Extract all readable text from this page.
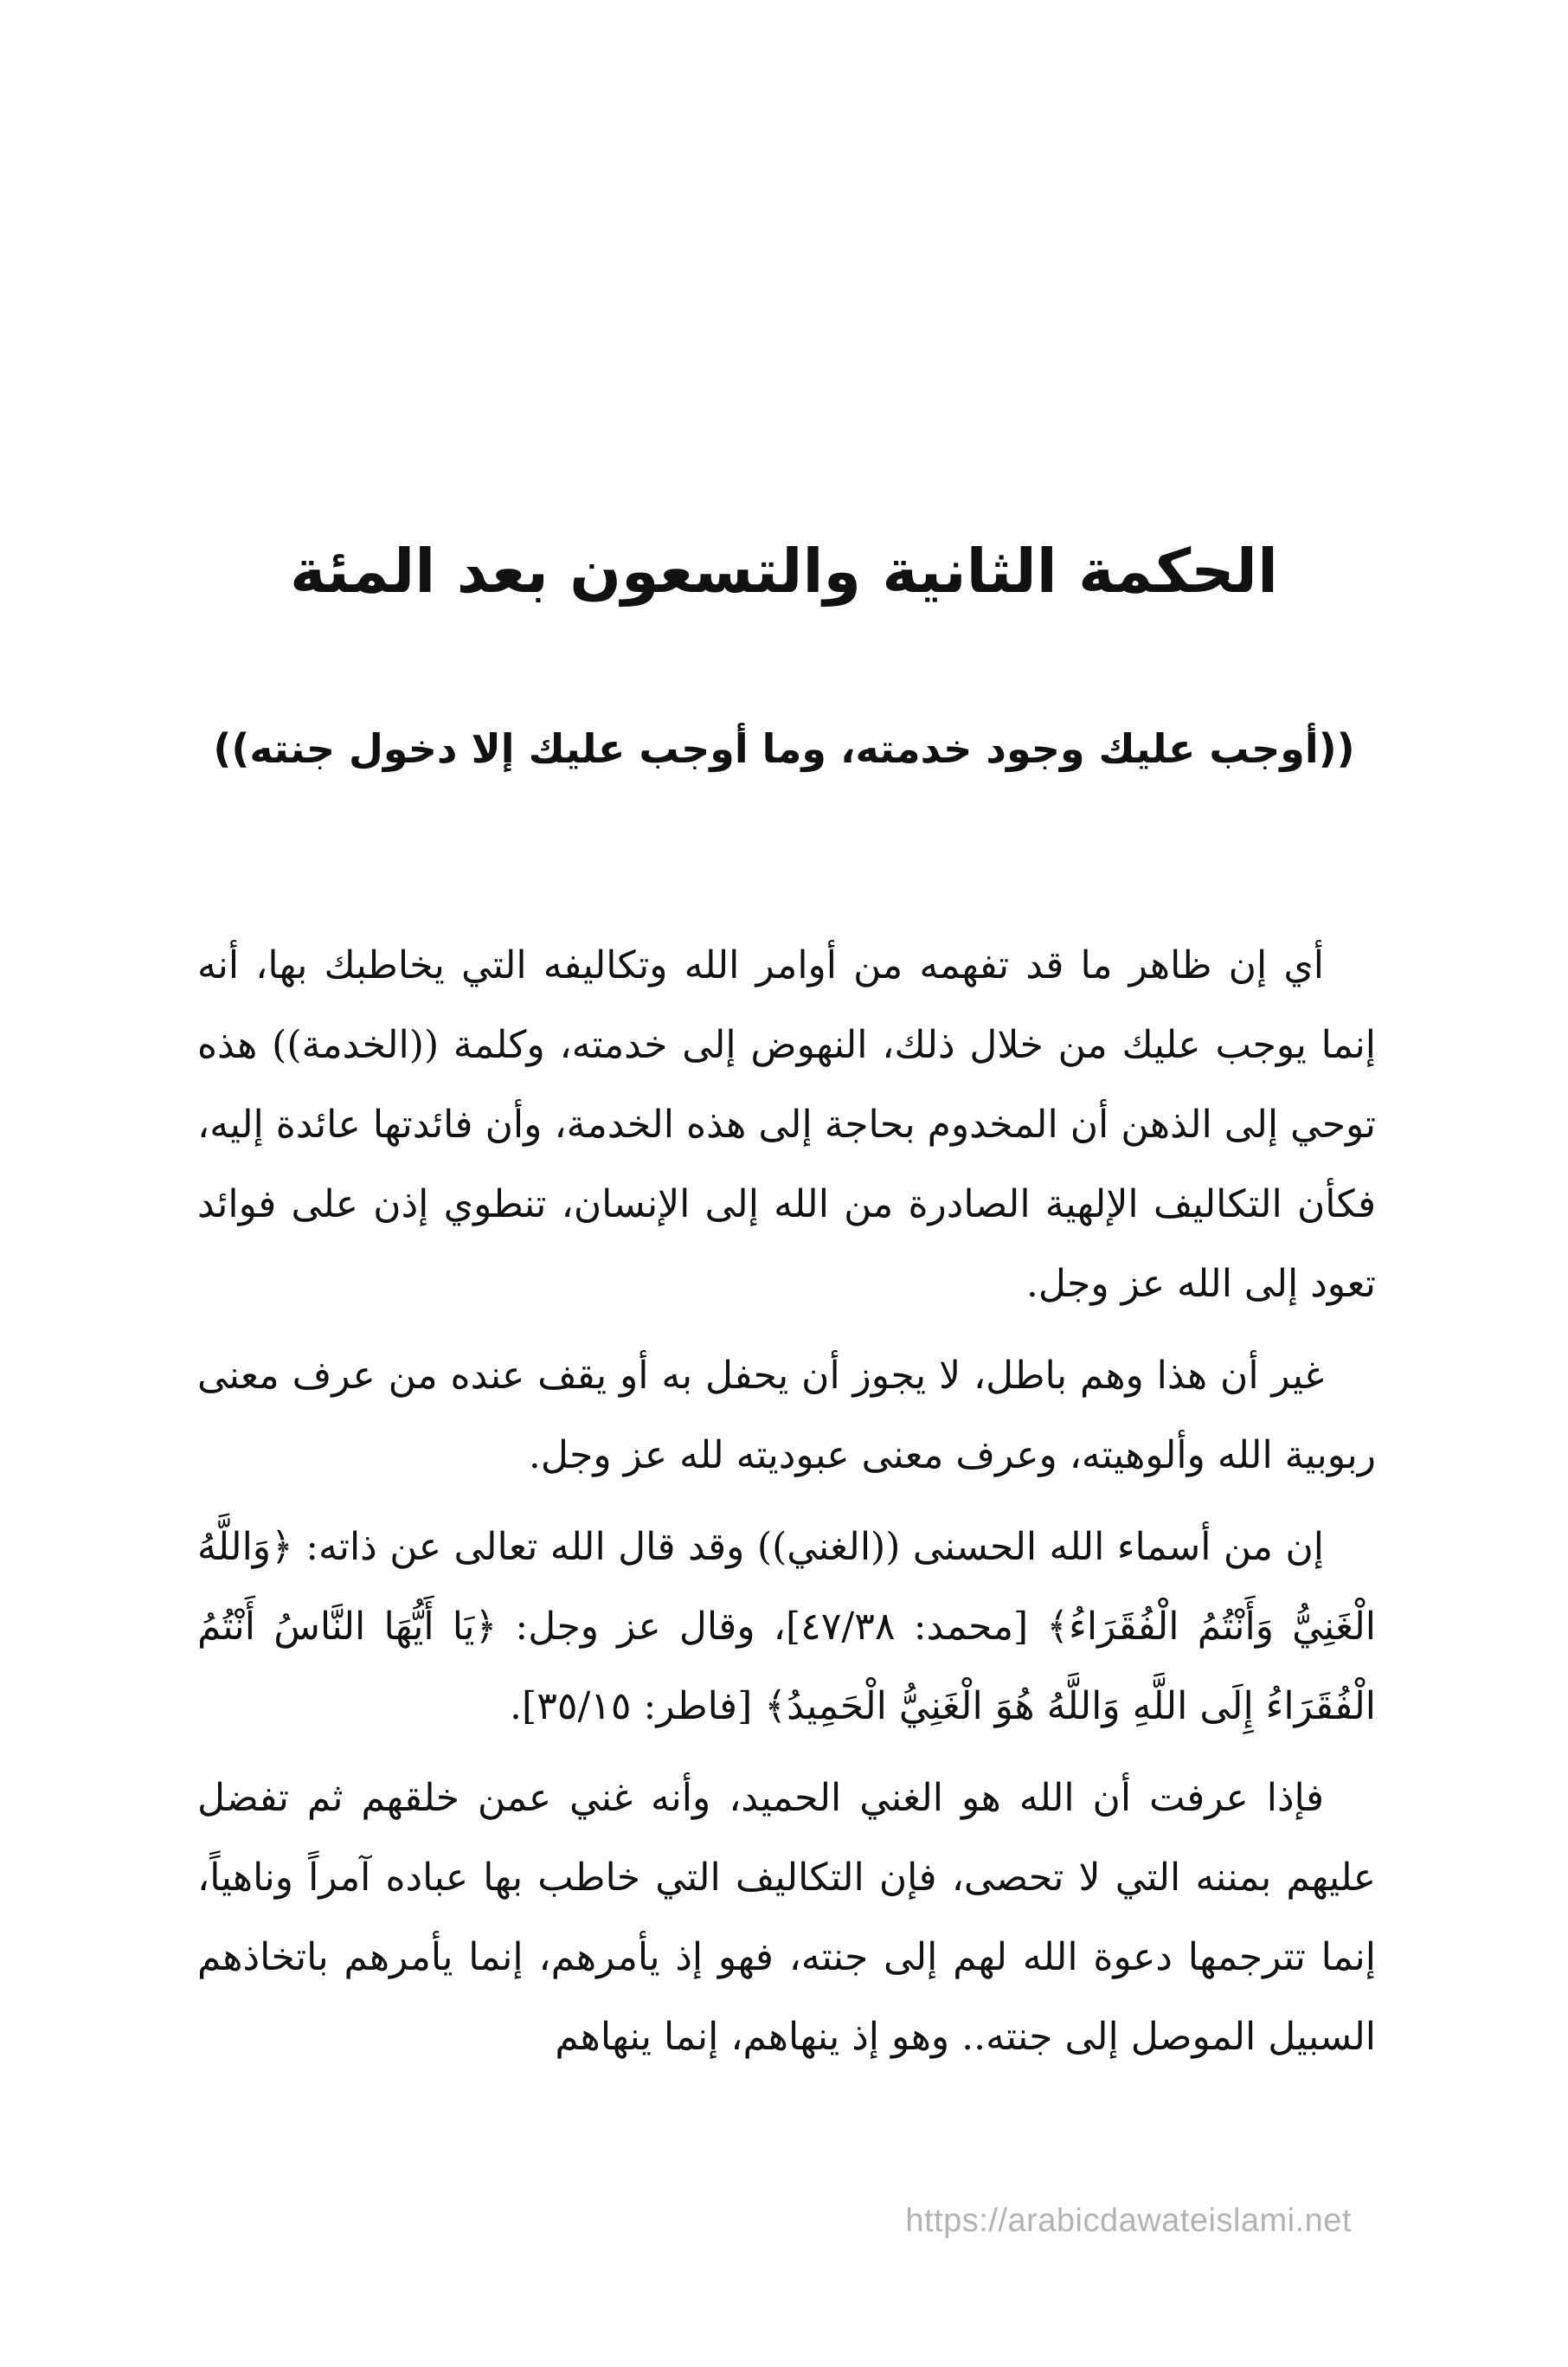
الحكمة الثانية والتسعون بعد المئة
((أوجب عليك وجود خدمته، وما أوجب عليك إلا دخول جنته))

أي إن ظاهر ما قد تفهمه من أوامر الله وتكاليفه التي يخاطبك بها، أنه إنما يوجب عليك من خلال ذلك، النهوض إلى خدمته، وكلمة ((الخدمة)) هذه توحي إلى الذهن أن المخدوم بحاجة إلى هذه الخدمة، وأن فائدتها عائدة إليه، فكأن التكاليف الإلهية الصادرة من الله إلى الإنسان، تنطوي إذن على فوائد تعود إلى الله عز وجل.

غير أن هذا وهم باطل، لا يجوز أن يحفل به أو يقف عنده من عرف معنى ربوبية الله وألوهيته، وعرف معنى عبوديته لله عز وجل.

إن من أسماء الله الحسنى ((الغني)) وقد قال الله تعالى عن ذاته: ﴿وَاللَّهُ الْغَنِيُّ وَأَنْتُمُ الْفُقَرَاءُ﴾ [محمد: ٤٧/٣٨]، وقال عز وجل: ﴿يَا أَيُّهَا النَّاسُ أَنْتُمُ الْفُقَرَاءُ إِلَى اللَّهِ وَاللَّهُ هُوَ الْغَنِيُّ الْحَمِيدُ﴾ [فاطر: ٣٥/١٥].

فإذا عرفت أن الله هو الغني الحميد، وأنه غني عمن خلقهم ثم تفضل عليهم بمننه التي لا تحصى، فإن التكاليف التي خاطب بها عباده آمراً وناهياً، إنما تترجمها دعوة الله لهم إلى جنته، فهو إذ يأمرهم، إنما يأمرهم باتخاذهم السبيل الموصل إلى جنته.. وهو إذ ينهاهم، إنما ينهاهم

https://arabicdawateislami.net
